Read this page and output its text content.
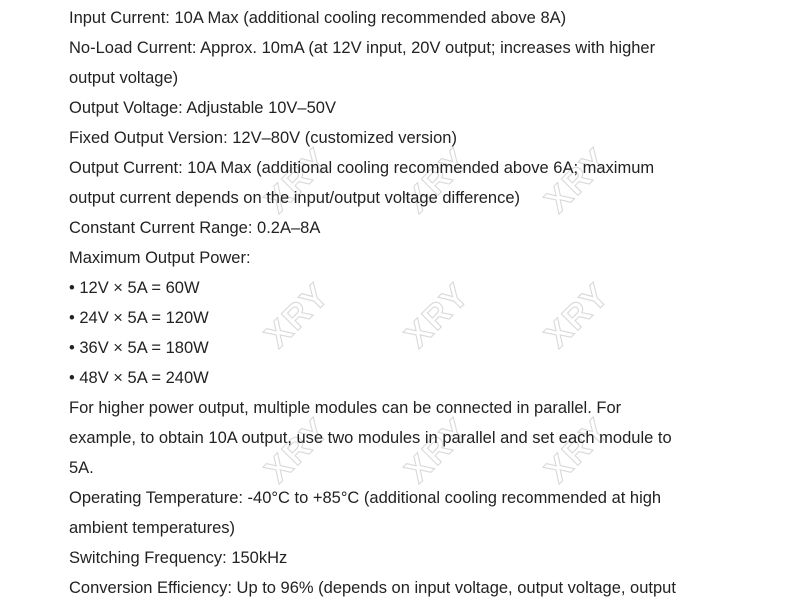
XRY XRY XRY
XRY XRY XRY
XRY XRY XRY
Input Current: 10A Max (additional cooling recommended above 8A)
No-Load Current: Approx. 10mA (at 12V input, 20V output; increases with higher
output voltage)
Output Voltage: Adjustable 10V–50V
Fixed Output Version: 12V–80V (customized version)
Output Current: 10A Max (additional cooling recommended above 6A; maximum
output current depends on the input/output voltage difference)
Constant Current Range: 0.2A–8A
Maximum Output Power:
• 12V × 5A = 60W
• 24V × 5A = 120W
• 36V × 5A = 180W
• 48V × 5A = 240W
For higher power output, multiple modules can be connected in parallel. For
example, to obtain 10A output, use two modules in parallel and set each module to
5A.
Operating Temperature: -40°C to +85°C (additional cooling recommended at high
ambient temperatures)
Switching Frequency: 150kHz
Conversion Efficiency: Up to 96% (depends on input voltage, output voltage, output
